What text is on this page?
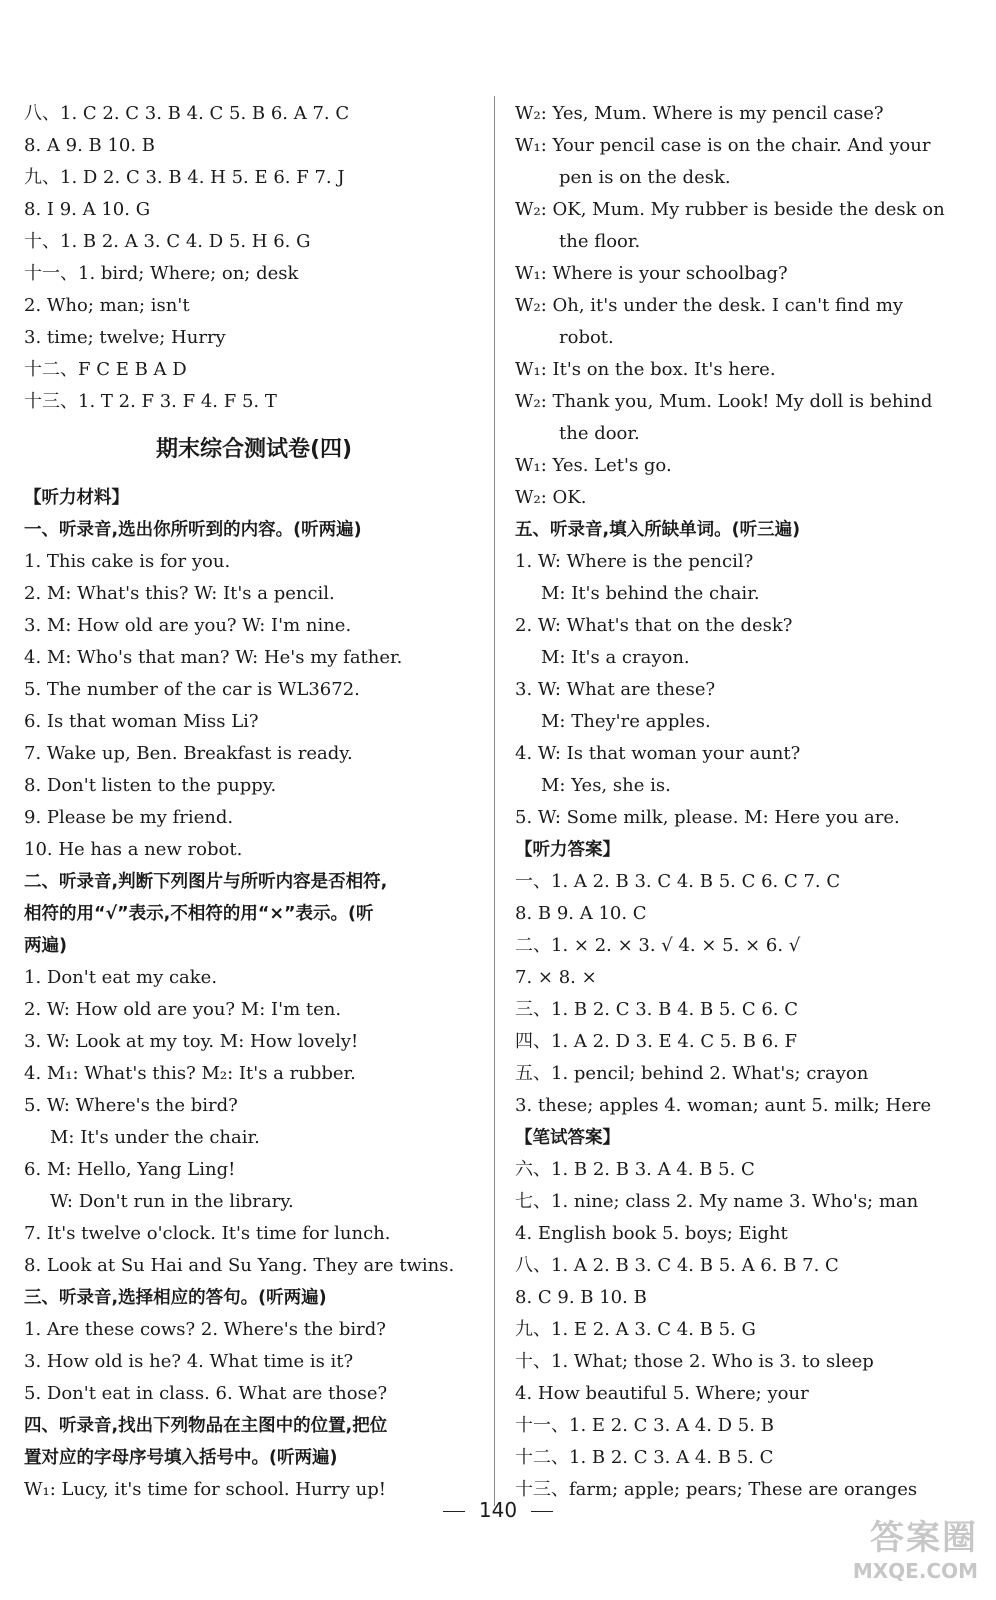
八、1. C 2. C 3. B 4. C 5. B 6. A 7. C
8. A 9. B 10. B
九、1. D 2. C 3. B 4. H 5. E 6. F 7. J
8. I 9. A 10. G
十、1. B 2. A 3. C 4. D 5. H 6. G
十一、1. bird; Where; on; desk
2. Who; man; isn't
3. time; twelve; Hurry
十二、F C E B A D
十三、1. T 2. F 3. F 4. F 5. T
期末综合测试卷(四)
【听力材料】
一、听录音,选出你所听到的内容。(听两遍)
1. This cake is for you.
2. M: What's this? W: It's a pencil.
3. M: How old are you? W: I'm nine.
4. M: Who's that man? W: He's my father.
5. The number of the car is WL3672.
6. Is that woman Miss Li?
7. Wake up, Ben. Breakfast is ready.
8. Don't listen to the puppy.
9. Please be my friend.
10. He has a new robot.
二、听录音,判断下列图片与所听内容是否相符,
相符的用“√”表示,不相符的用“×”表示。(听
两遍)
1. Don't eat my cake.
2. W: How old are you? M: I'm ten.
3. W: Look at my toy. M: How lovely!
4. M₁: What's this? M₂: It's a rubber.
5. W: Where's the bird?
M: It's under the chair.
6. M: Hello, Yang Ling!
W: Don't run in the library.
7. It's twelve o'clock. It's time for lunch.
8. Look at Su Hai and Su Yang. They are twins.
三、听录音,选择相应的答句。(听两遍)
1. Are these cows? 2. Where's the bird?
3. How old is he? 4. What time is it?
5. Don't eat in class. 6. What are those?
四、听录音,找出下列物品在主图中的位置,把位
置对应的字母序号填入括号中。(听两遍)
W₁: Lucy, it's time for school. Hurry up!
W₂: Yes, Mum. Where is my pencil case?
W₁: Your pencil case is on the chair. And your
pen is on the desk.
W₂: OK, Mum. My rubber is beside the desk on
the floor.
W₁: Where is your schoolbag?
W₂: Oh, it's under the desk. I can't find my
robot.
W₁: It's on the box. It's here.
W₂: Thank you, Mum. Look! My doll is behind
the door.
W₁: Yes. Let's go.
W₂: OK.
五、听录音,填入所缺单词。(听三遍)
1. W: Where is the pencil?
M: It's behind the chair.
2. W: What's that on the desk?
M: It's a crayon.
3. W: What are these?
M: They're apples.
4. W: Is that woman your aunt?
M: Yes, she is.
5. W: Some milk, please. M: Here you are.
【听力答案】
一、1. A 2. B 3. C 4. B 5. C 6. C 7. C
8. B 9. A 10. C
二、1. × 2. × 3. √ 4. × 5. × 6. √
7. × 8. ×
三、1. B 2. C 3. B 4. B 5. C 6. C
四、1. A 2. D 3. E 4. C 5. B 6. F
五、1. pencil; behind 2. What's; crayon
3. these; apples 4. woman; aunt 5. milk; Here
【笔试答案】
六、1. B 2. B 3. A 4. B 5. C
七、1. nine; class 2. My name 3. Who's; man
4. English book 5. boys; Eight
八、1. A 2. B 3. C 4. B 5. A 6. B 7. C
8. C 9. B 10. B
九、1. E 2. A 3. C 4. B 5. G
十、1. What; those 2. Who is 3. to sleep
4. How beautiful 5. Where; your
十一、1. E 2. C 3. A 4. D 5. B
十二、1. B 2. C 3. A 4. B 5. C
十三、farm; apple; pears; These are oranges
140
答案圈
MXQE.COM
